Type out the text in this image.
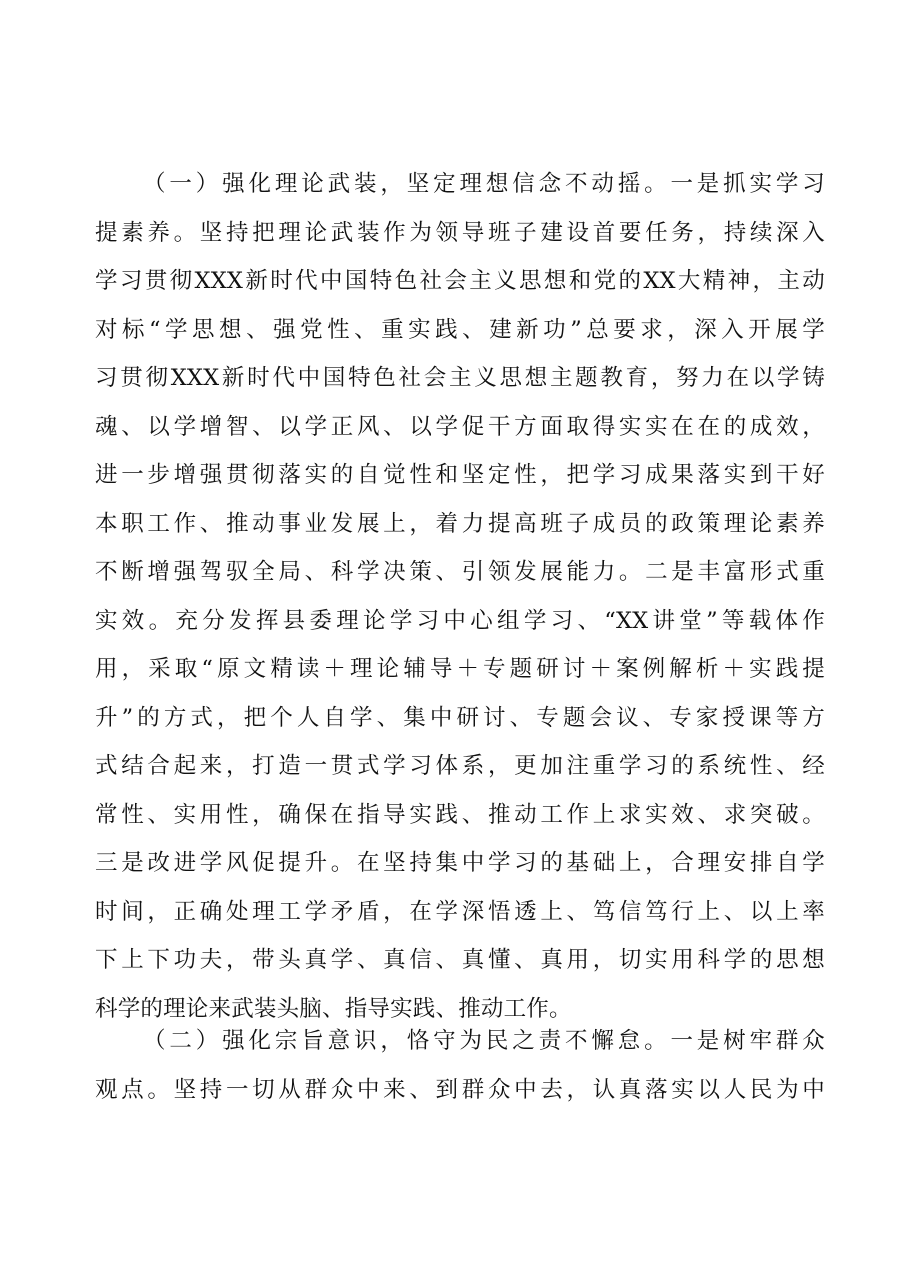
（一）强化理论武装，坚定理想信念不动摇。一是抓实学习
提素养。坚持把理论武装作为领导班子建设首要任务，持续深入
学习贯彻XXX新时代中国特色社会主义思想和党的XX大精神，主动
对标“学思想、强党性、重实践、建新功”总要求，深入开展学
习贯彻XXX新时代中国特色社会主义思想主题教育，努力在以学铸
魂、以学增智、以学正风、以学促干方面取得实实在在的成效，
进一步增强贯彻落实的自觉性和坚定性，把学习成果落实到干好
本职工作、推动事业发展上，着力提高班子成员的政策理论素养
不断增强驾驭全局、科学决策、引领发展能力。二是丰富形式重
实效。充分发挥县委理论学习中心组学习、“XX讲堂”等载体作
用，采取“原文精读＋理论辅导＋专题研讨＋案例解析＋实践提
升”的方式，把个人自学、集中研讨、专题会议、专家授课等方
式结合起来，打造一贯式学习体系，更加注重学习的系统性、经
常性、实用性，确保在指导实践、推动工作上求实效、求突破。
三是改进学风促提升。在坚持集中学习的基础上，合理安排自学
时间，正确处理工学矛盾，在学深悟透上、笃信笃行上、以上率
下上下功夫，带头真学、真信、真懂、真用，切实用科学的思想
科学的理论来武装头脑、指导实践、推动工作。
（二）强化宗旨意识，恪守为民之责不懈怠。一是树牢群众
观点。坚持一切从群众中来、到群众中去，认真落实以人民为中
